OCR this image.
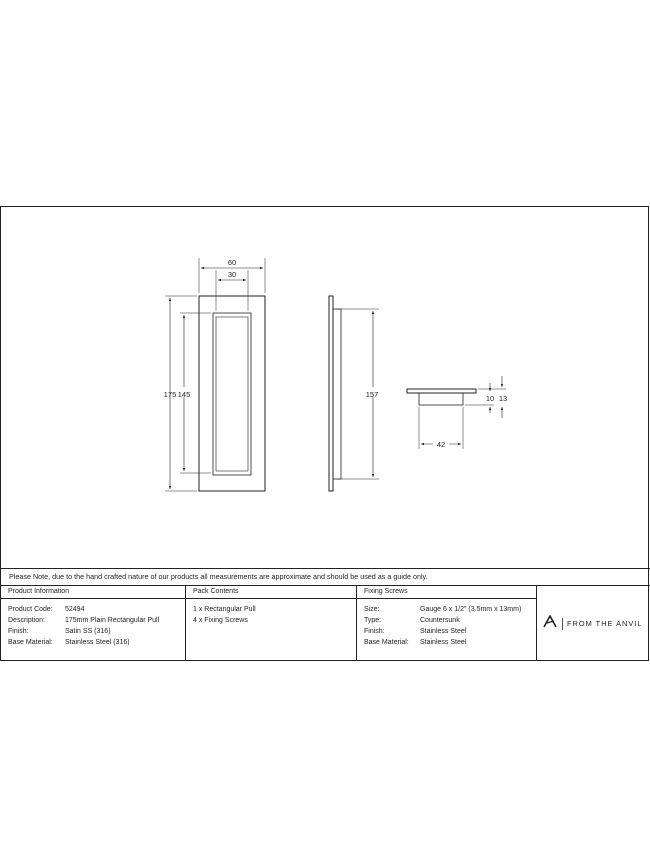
60
30
175 145	157	10 13
42
Please Note, due to the hand crafted nature of our products all measurements are approximate and should be used as a guide only.
Product Information
Product Code:	52494
Description:	175mm Plain Rectangular Pull
Finish:	Satin SS (316)
Base Material:	Stainless Steel (316)
Pack Contents
1 x Rectangular Pull
4 x Fixing Screws
Fixing Screws
Size:	Gauge 6 x 1/2" (3.5mm x 13mm)
Type:	Countersunk
Finish:	Stainless Steel
Base Material:	Stainless Steel
FROM THE ANVIL
